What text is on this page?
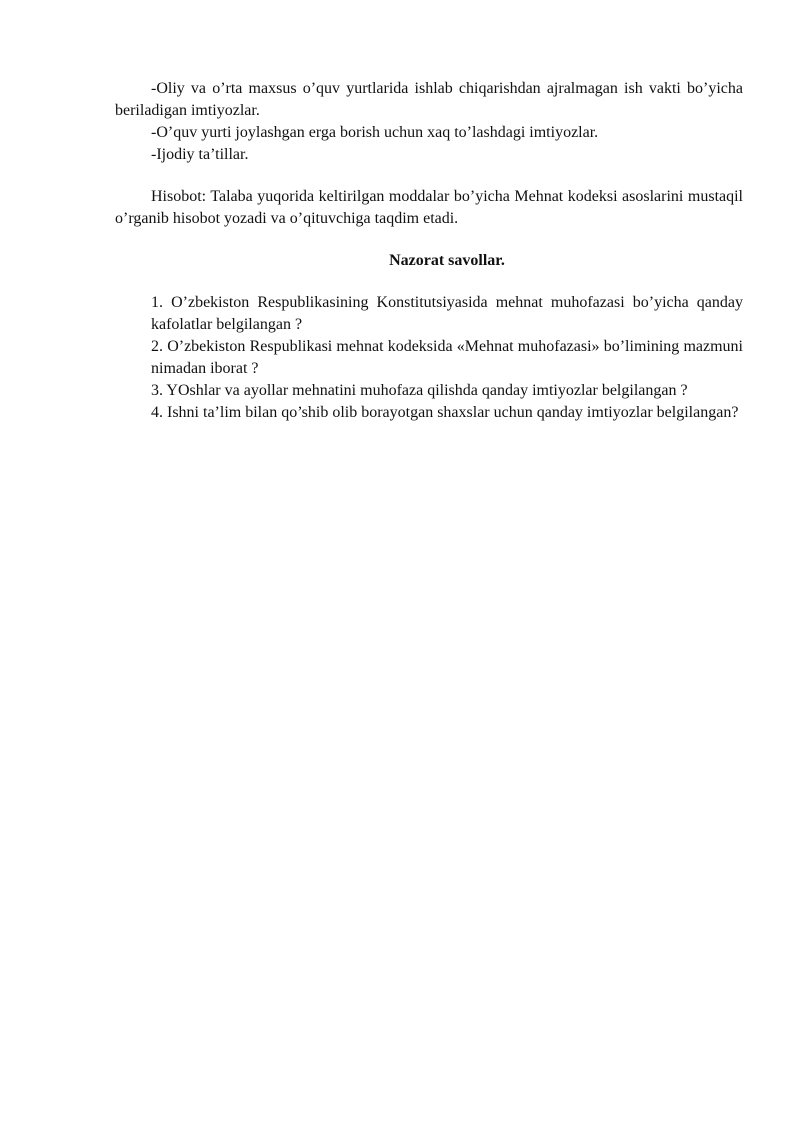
-Oliy va o’rta maxsus o’quv yurtlarida ishlab chiqarishdan ajralmagan ish vakti bo’yicha beriladigan imtiyozlar.

-O’quv yurti joylashgan erga borish uchun xaq to’lashdagi imtiyozlar.

-Ijodiy ta’tillar.

Hisobot: Talaba yuqorida keltirilgan moddalar bo’yicha Mehnat kodeksi asoslarini mustaqil o’rganib hisobot yozadi va o’qituvchiga taqdim etadi.

Nazorat savollar.

1. O’zbekiston Respublikasining Konstitutsiyasida mehnat muhofazasi bo’yicha qanday kafolatlar belgilangan ?
2. O’zbekiston Respublikasi mehnat kodeksida «Mehnat muhofazasi» bo’limining mazmuni nimadan iborat ?
3. YOshlar va ayollar mehnatini muhofaza qilishda qanday imtiyozlar belgilangan ?
4. Ishni ta’lim bilan qo’shib olib borayotgan shaxslar uchun qanday imtiyozlar belgilangan?
